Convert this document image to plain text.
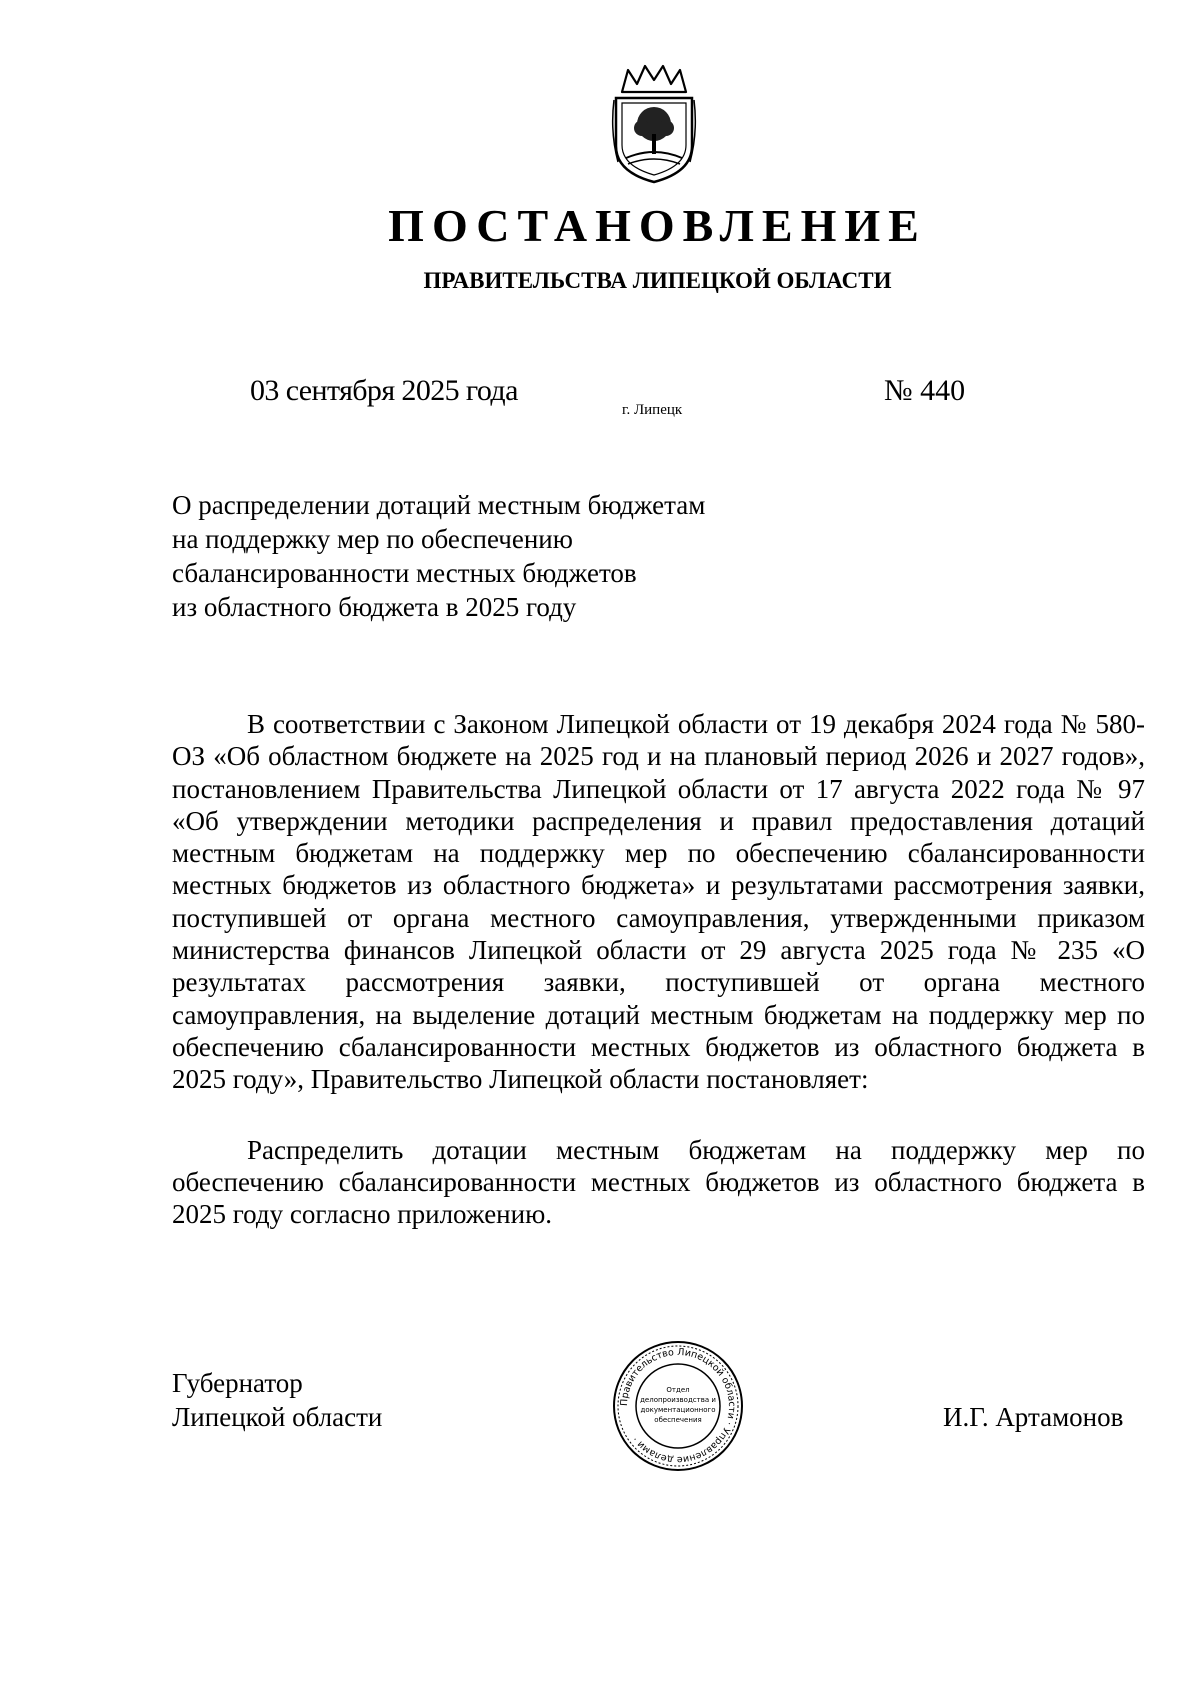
ПОСТАНОВЛЕНИЕ
ПРАВИТЕЛЬСТВА ЛИПЕЦКОЙ ОБЛАСТИ
03 сентября 2025 года
г. Липецк
№ 440
О распределении дотаций местным бюджетам
на поддержку мер по обеспечению
сбалансированности местных бюджетов
из областного бюджета в 2025 году

В соответствии с Законом Липецкой области от 19 декабря 2024 года № 580-ОЗ «Об областном бюджете на 2025 год и на плановый период 2026 и 2027 годов», постановлением Правительства Липецкой области от 17 августа 2022 года № 97 «Об утверждении методики распределения и правил предоставления дотаций местным бюджетам на поддержку мер по обеспечению сбалансированности местных бюджетов из областного бюджета» и результатами рассмотрения заявки, поступившей от органа местного самоуправления, утвержденными приказом министерства финансов Липецкой области от 29 августа 2025 года № 235 «О результатах рассмотрения заявки, поступившей от органа местного самоуправления, на выделение дотаций местным бюджетам на поддержку мер по обеспечению сбалансированности местных бюджетов из областного бюджета в 2025 году», Правительство Липецкой области постановляет:

Распределить дотации местным бюджетам на поддержку мер по обеспечению сбалансированности местных бюджетов из областного бюджета в 2025 году согласно приложению.

Губернатор
Липецкой области	Правительство Липецкой области · Управление делами ·
Отдел
делопроизводства и
документационного
обеспечения	И.Г. Артамонов
